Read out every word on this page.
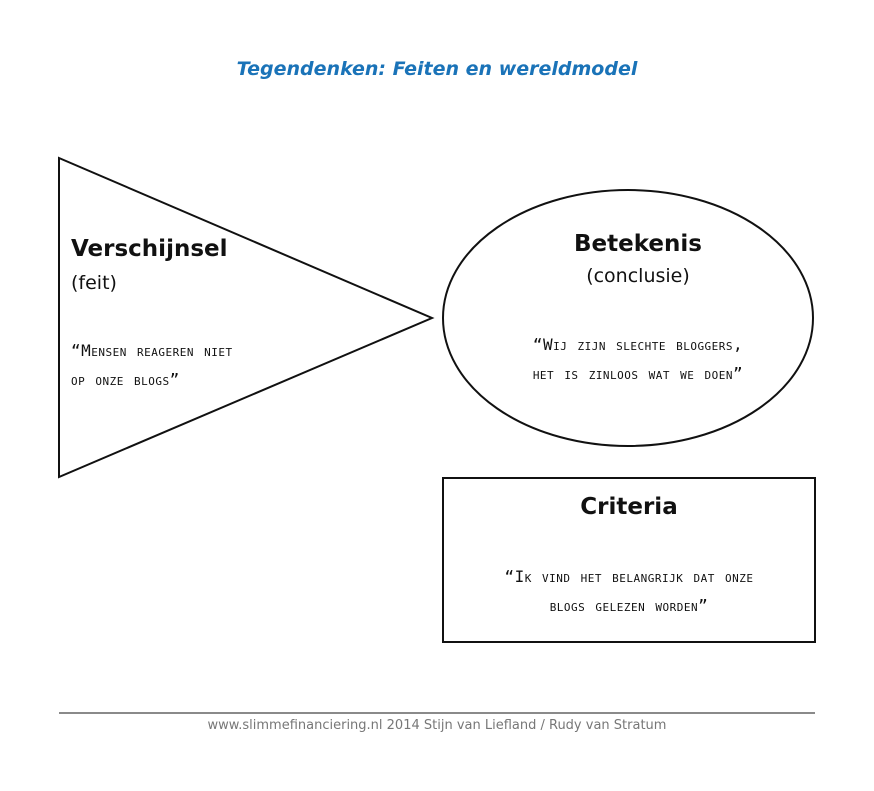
Tegendenken: Feiten en wereldmodel
Verschijnsel
(feit)
“Mensen reageren niet
op onze blogs”
Betekenis
(conclusie)
“Wij zijn slechte bloggers,
het is zinloos wat we doen”
Criteria
“Ik vind het belangrijk dat onze
blogs gelezen worden”
www.slimmefinanciering.nl 2014 Stijn van Liefland / Rudy van Stratum
